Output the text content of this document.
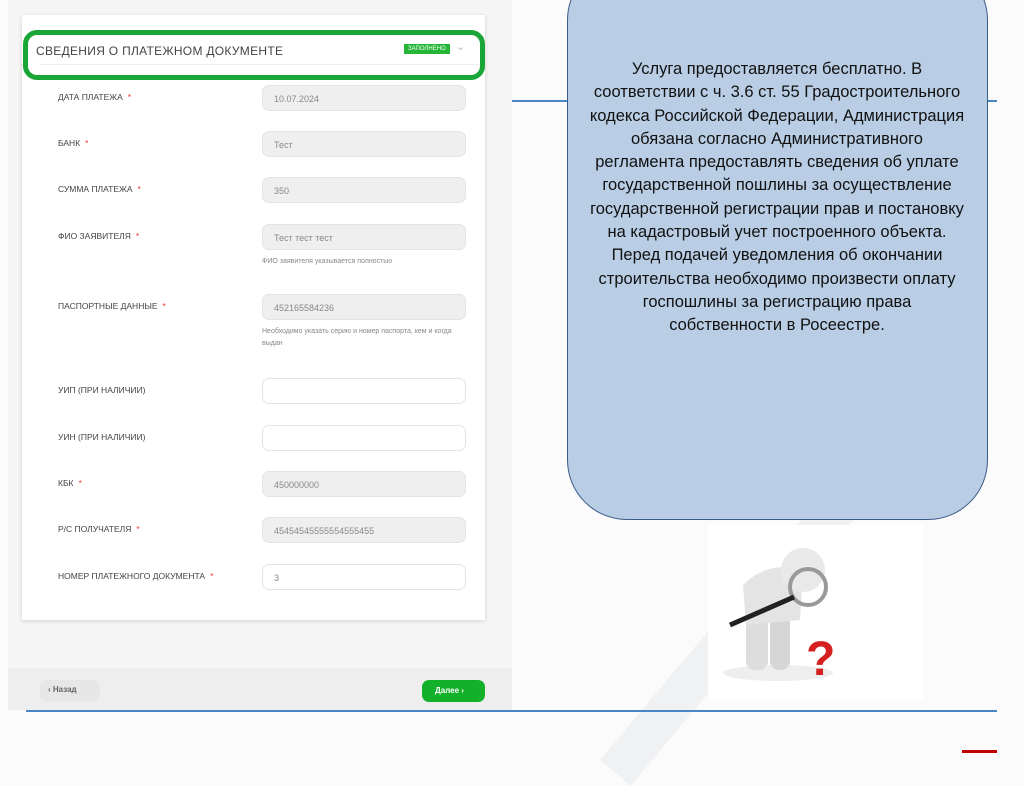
СВЕДЕНИЯ О ПЛАТЕЖНОМ ДОКУМЕНТЕ	ЗАПОЛНЕНО ⌄
ДАТА ПЛАТЕЖА *	10.07.2024
БАНК *	Тест
СУММА ПЛАТЕЖА *	350
ФИО ЗАЯВИТЕЛЯ *	Тест тест тест
ФИО заявителя указывается полностью
ПАСПОРТНЫЕ ДАННЫЕ *	452165584236
Необходимо указать серию и номер паспорта, кем и когда выдан
УИП (ПРИ НАЛИЧИИ)
УИН (ПРИ НАЛИЧИИ)
КБК *	450000000
Р/С ПОЛУЧАТЕЛЯ *	45454545555554555455
НОМЕР ПЛАТЕЖНОГО ДОКУМЕНТА *	3
‹ Назад	Далее ›
Услуга предоставляется бесплатно. В соответствии с ч. 3.6 ст. 55 Градостроительного кодекса Российской Федерации, Администрация обязана согласно Административного регламента предоставлять сведения об уплате государственной пошлины за осуществление государственной регистрации прав и постановку на кадастровый учет построенного объекта. Перед подачей уведомления об окончании строительства необходимо произвести оплату госпошлины за регистрацию права собственности в Росеестре.
?
